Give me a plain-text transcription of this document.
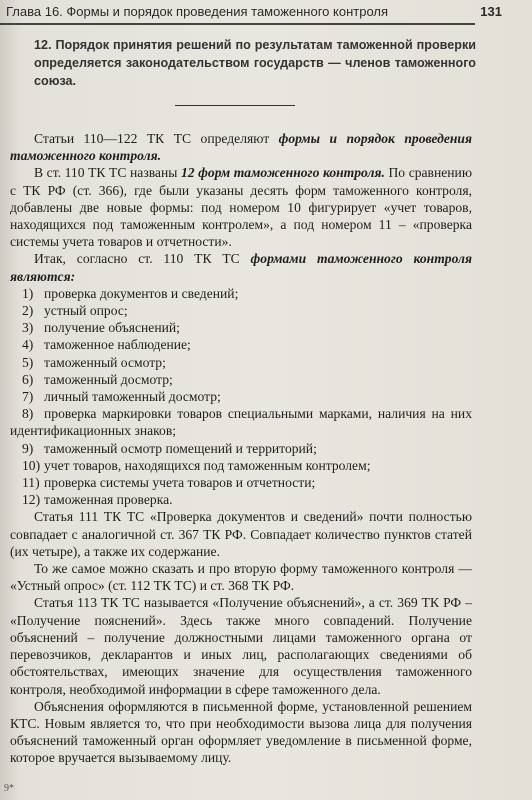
Глава 16. Формы и порядок проведения таможенного контроля	131
12. Порядок принятия решений по результатам таможенной проверки определяется законодательством государств — членов таможенного союза.

Статьи 110—122 ТК ТС определяют формы и порядок проведения таможенного контроля.

В ст. 110 ТК ТС названы 12 форм таможенного контроля. По сравнению с ТК РФ (ст. 366), где были указаны десять форм таможенного контроля, добавлены две новые формы: под номером 10 фигурирует «учет товаров, находящихся под таможенным контролем», а под номером 11 – «проверка системы учета товаров и отчетности».

Итак, согласно ст. 110 ТК ТС формами таможенного контроля являются:

1) проверка документов и сведений;

2) устный опрос;

3) получение объяснений;

4) таможенное наблюдение;

5) таможенный осмотр;

6) таможенный досмотр;

7) личный таможенный досмотр;

8) проверка маркировки товаров специальными марками, наличия на них идентификационных знаков;

9) таможенный осмотр помещений и территорий;

10) учет товаров, находящихся под таможенным контролем;

11) проверка системы учета товаров и отчетности;

12) таможенная проверка.

Статья 111 ТК ТС «Проверка документов и сведений» почти полностью совпадает с аналогичной ст. 367 ТК РФ. Совпадает количество пунктов статей (их четыре), а также их содержание.

То же самое можно сказать и про вторую форму таможенного контроля — «Устный опрос» (ст. 112 ТК ТС) и ст. 368 ТК РФ.

Статья 113 ТК ТС называется «Получение объяснений», а ст. 369 ТК РФ – «Получение пояснений». Здесь также много совпадений. Получение объяснений – получение должностными лицами таможенного органа от перевозчиков, декларантов и иных лиц, располагающих сведениями об обстоятельствах, имеющих значение для осуществления таможенного контроля, необходимой информации в сфере таможенного дела.

Объяснения оформляются в письменной форме, установленной решением КТС. Новым является то, что при необходимости вызова лица для получения объяснений таможенный орган оформляет уведомление в письменной форме, которое вручается вызываемому лицу.

9*
